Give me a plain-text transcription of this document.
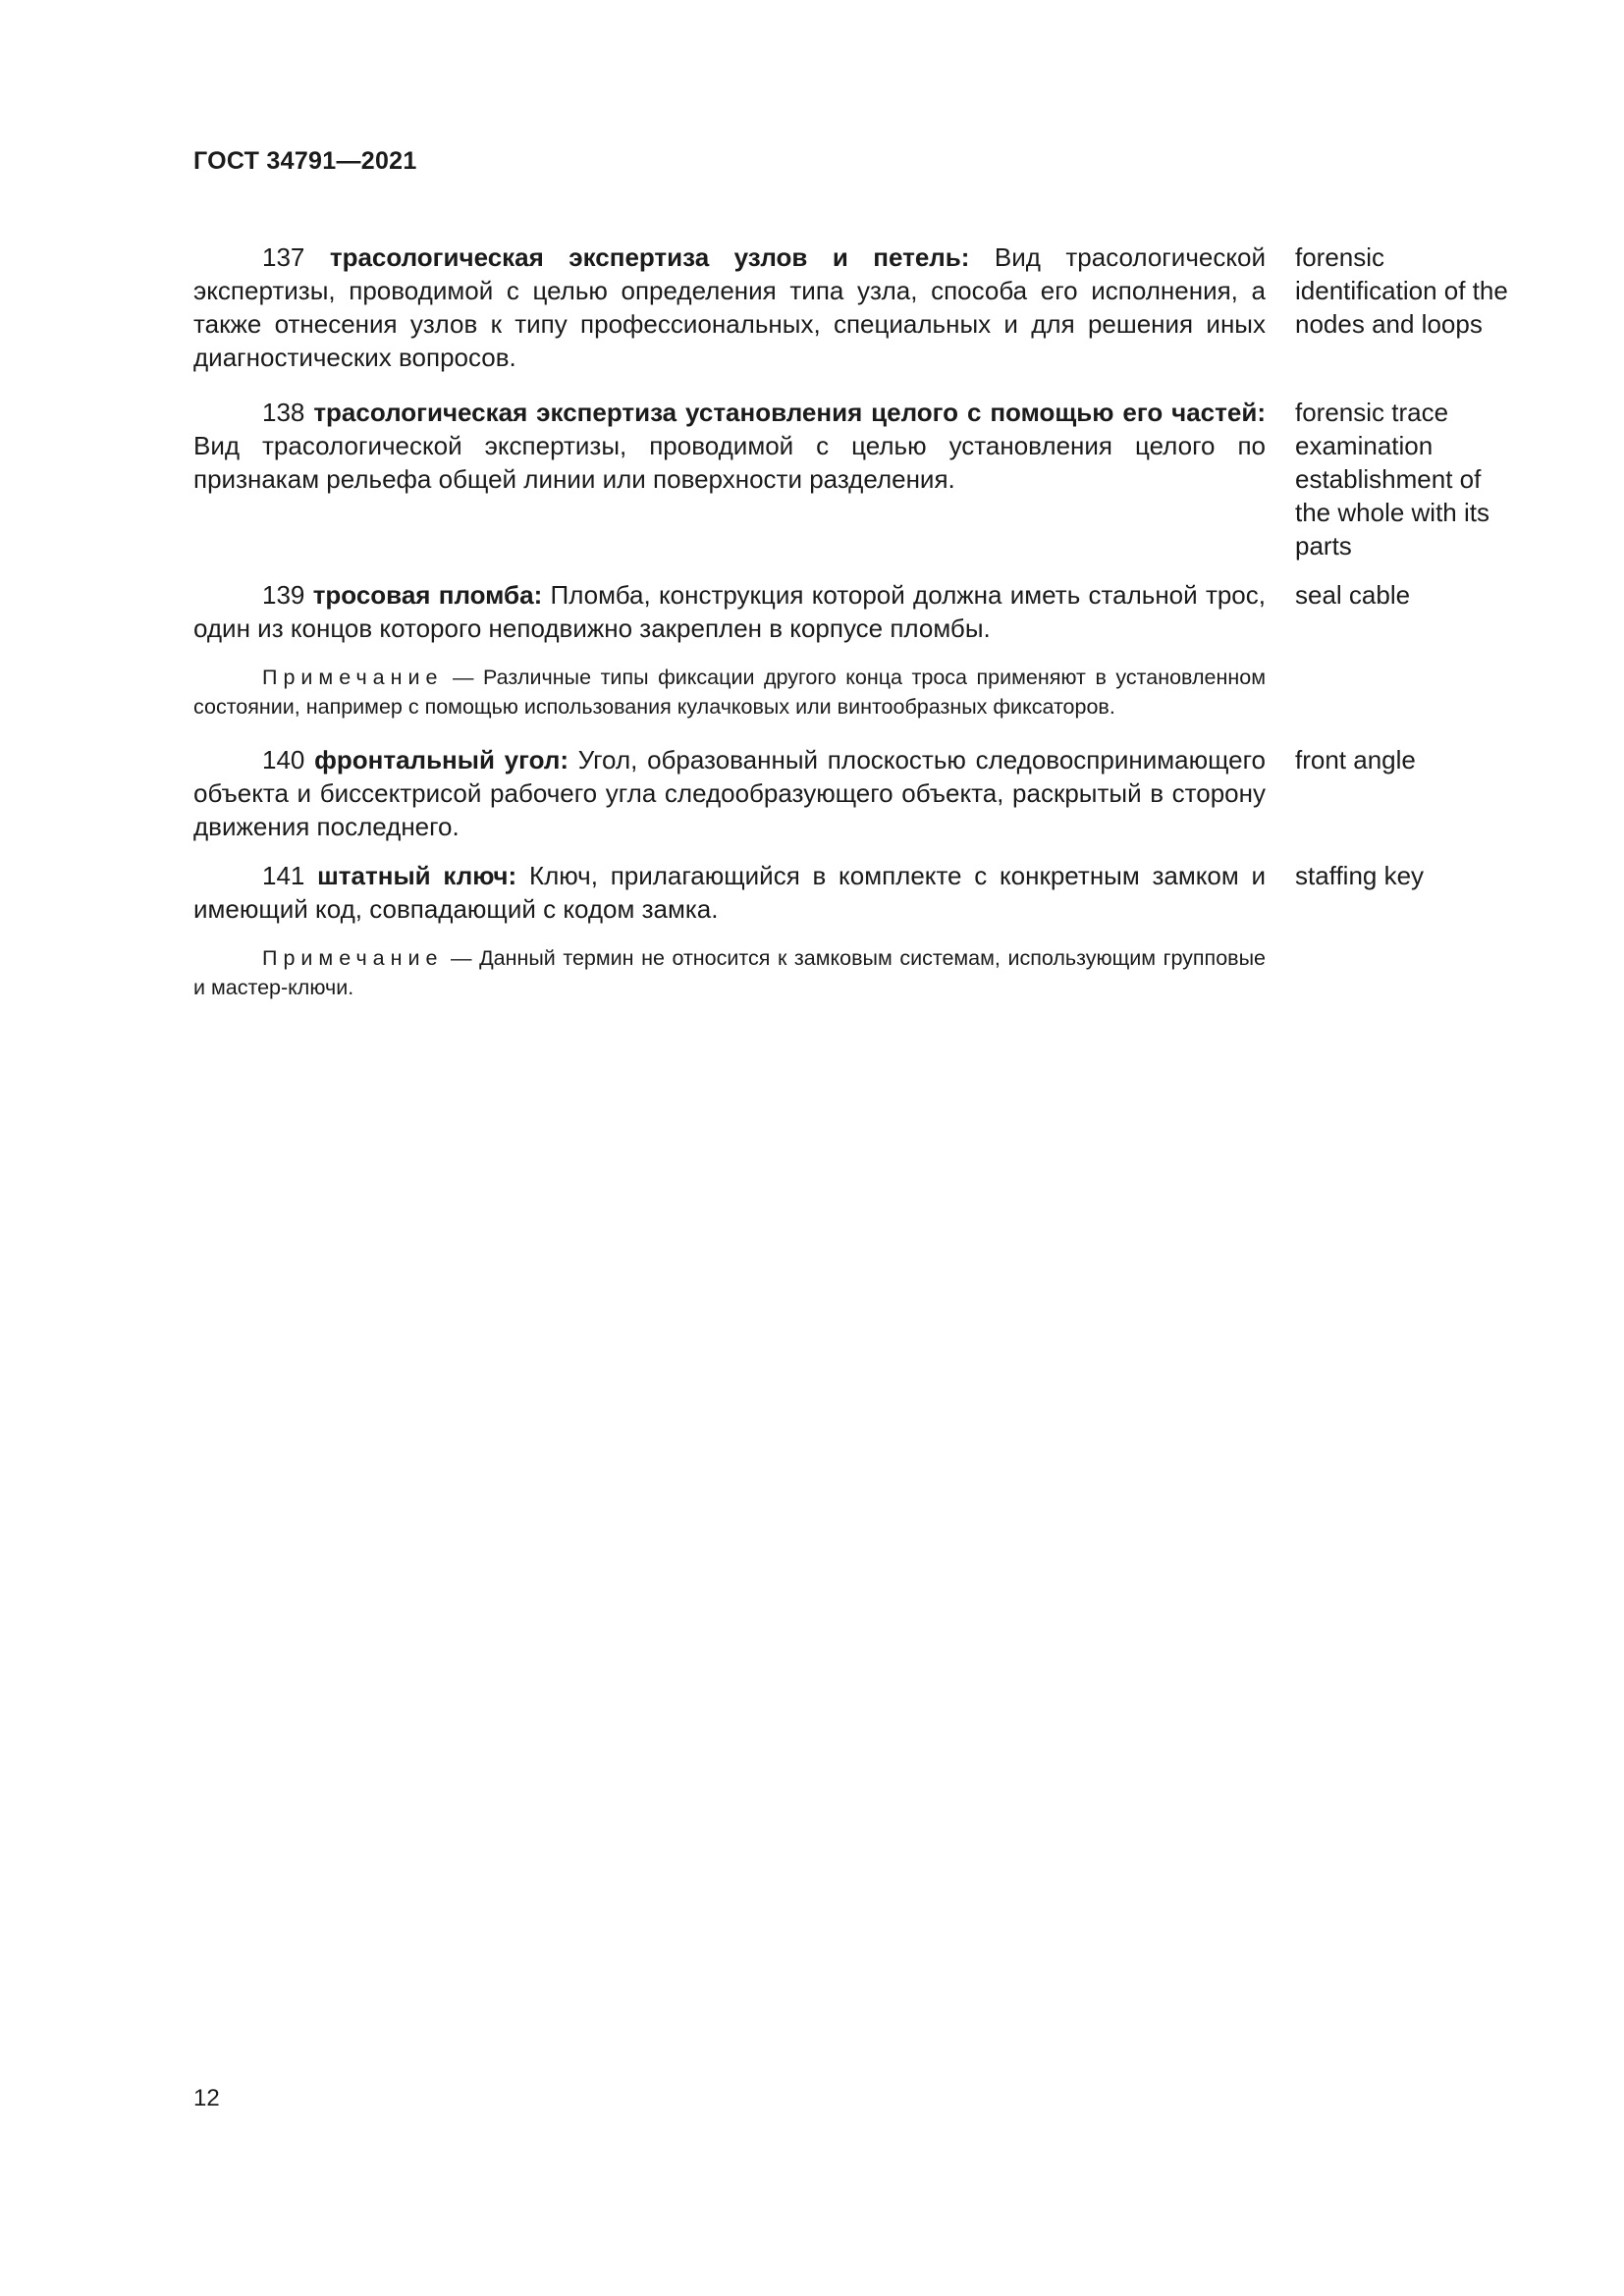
ГОСТ 34791—2021

137 трасологическая экспертиза узлов и петель: Вид трасологической экспертизы, проводимой с целью определения типа узла, способа его исполнения, а также отнесения узлов к типу профессиональных, специальных и для решения иных диагностических вопросов.

forensic identification of the nodes and loops

138 трасологическая экспертиза установления целого с помощью его частей: Вид трасологической экспертизы, проводимой с целью установления целого по признакам рельефа общей линии или поверхности разделения.

forensic trace examination establishment of the whole with its parts

139 тросовая пломба: Пломба, конструкция которой должна иметь стальной трос, один из концов которого неподвижно закреплен в корпусе пломбы.

Примечание — Различные типы фиксации другого конца троса применяют в установленном состоянии, например с помощью использования кулачковых или винтообразных фиксаторов.

seal cable

140 фронтальный угол: Угол, образованный плоскостью следовоспринимающего объекта и биссектрисой рабочего угла следообразующего объекта, раскрытый в сторону движения последнего.

front angle

141 штатный ключ: Ключ, прилагающийся в комплекте с конкретным замком и имеющий код, совпадающий с кодом замка.

Примечание — Данный термин не относится к замковым системам, использующим групповые и мастер-ключи.

staffing key
12
